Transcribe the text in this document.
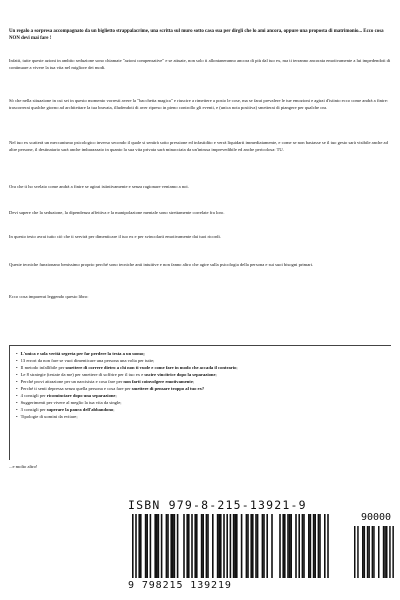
Un regalo a sorpresa accompagnato da un biglietto strappalacrime, una scritta sul muro sotto casa sua per dirgli che lo ami ancora, oppure una proposta di matrimonio... Ecco cosa NON devi mai fare !

Infatti, tutte queste azioni in ambito seduzione sono chiamate "azioni compensative" e se attuate, non solo ti allontaneranno ancora di più dal tuo ex, ma ti terranno ancorata emotivamente a lui impedendoti di continuare a vivere la tua vita nel migliore dei modi.

Sò che nella situazione in cui sei in questo momento vorresti avere la "bacchetta magica" e riuscire a rimettere a posto le cose, ma se farai prevalere le tue emozioni e agirai d'istinto ecco come andrà a finire: trascorrerai qualche giorno ad architettare la tua bravata, illudendoti di aver ripreso in pieno controllo gli eventi, e (unica nota positiva) smetterai di piangere per qualche ora.

Nel tuo ex scatterà un meccanismo psicologico inverso secondo il quale si sentirà sotto pressione ed infastidito e verrà liquidarti immediatamente, e come se non bastasse se il tuo gesto sarà visibile anche ad altre persone, il destinatario sarà anche imbarazzato in quanto la sua vita privata sarà minacciata da un'intrusa imprevedibile ed anche pericolosa: TU.

Ora che ti ho svelato come andrà a finire se agirai istintivamente e senza ragionare veniamo a noi.

Devi sapere che la seduzione, la dipendenza affettiva e la manipolazione mentale sono strettamente correlate fra loro.

In questo testo avrai tutto ciò che ti servirà per dimenticare il tuo ex e per svincolarti emotivamente dai tuoi ricordi.

Queste tecniche funzionano benissimo proprio perché sono tecniche anti intuitive e non fanno altro che agire sulla psicologia della persona e sui suoi bisogni primari.

Ecco cosa imparerai leggendo questo libro:

• L'unica e sola verità segreta per far perdere la testa a un uomo;
• 13 errori da non fare se vuoi dimenticare una persona una volta per tutte;
• Il metodo infallibile per smettere di correre dietro a chi non ti vuole e come fare in modo che accada il contrario;
• Le 8 strategie (testate da me) per smettere di soffrire per il tuo ex e uscire vincitrice dopo la separazione;
• Perché provi attrazione per un narcisista e cosa fare per non farti coinvolgere emotivamente;
• Perché ti senti depressa senza quella persona e cosa fare per smettere di pensare troppo al tuo ex?
• 4 consigli per ricominciare dopo una separazione;
• Suggerimenti per vivere al meglio la tua vita da single;
• 3 consigli per superare la paura dell'abbandono;
• Tipologie di uomini da evitare;

...e molto altro!

ISBN 979-8-215-13921-9
90000
9 798215 139219
